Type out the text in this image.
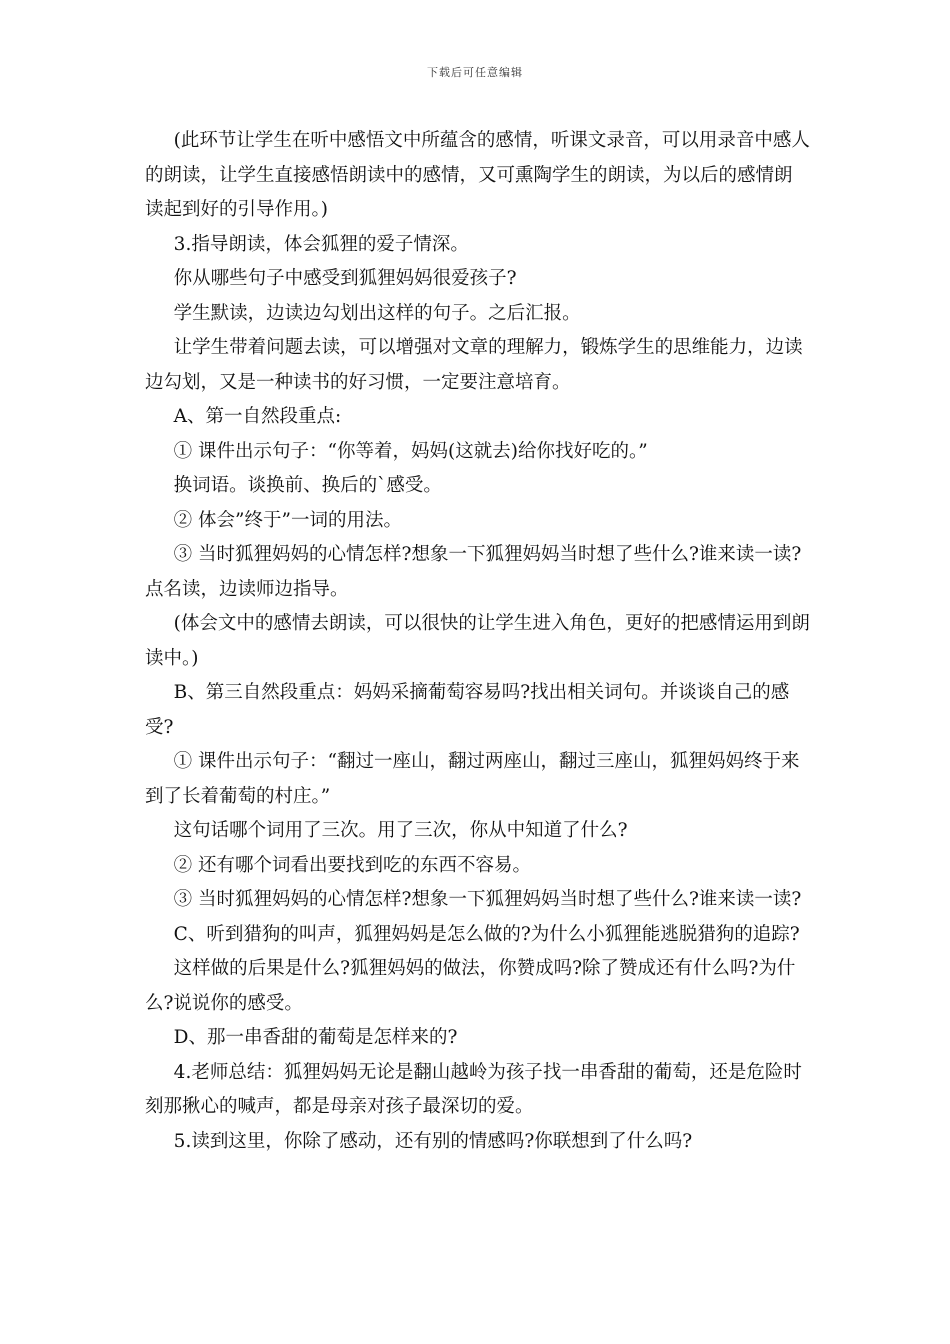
下载后可任意编辑

(此环节让学生在听中感悟文中所蕴含的感情，听课文录音，可以用录音中感人的朗读，让学生直接感悟朗读中的感情，又可熏陶学生的朗读，为以后的感情朗读起到好的引导作用。)

3.指导朗读，体会狐狸的爱子情深。

你从哪些句子中感受到狐狸妈妈很爱孩子?

学生默读，边读边勾划出这样的句子。之后汇报。

让学生带着问题去读，可以增强对文章的理解力，锻炼学生的思维能力，边读边勾划，又是一种读书的好习惯，一定要注意培育。

A、第一自然段重点:

① 课件出示句子：“你等着，妈妈(这就去)给你找好吃的。”

换词语。谈换前、换后的`感受。

② 体会”终于”一词的用法。

③ 当时狐狸妈妈的心情怎样?想象一下狐狸妈妈当时想了些什么?谁来读一读?点名读，边读师边指导。

(体会文中的感情去朗读，可以很快的让学生进入角色，更好的把感情运用到朗读中。)

B、第三自然段重点：妈妈采摘葡萄容易吗?找出相关词句。并谈谈自己的感受?

① 课件出示句子：“翻过一座山，翻过两座山，翻过三座山，狐狸妈妈终于来到了长着葡萄的村庄。”

这句话哪个词用了三次。用了三次，你从中知道了什么?

② 还有哪个词看出要找到吃的东西不容易。

③ 当时狐狸妈妈的心情怎样?想象一下狐狸妈妈当时想了些什么?谁来读一读?

C、听到猎狗的叫声，狐狸妈妈是怎么做的?为什么小狐狸能逃脱猎狗的追踪?

这样做的后果是什么?狐狸妈妈的做法，你赞成吗?除了赞成还有什么吗?为什么?说说你的感受。

D、那一串香甜的葡萄是怎样来的?

4.老师总结：狐狸妈妈无论是翻山越岭为孩子找一串香甜的葡萄，还是危险时刻那揪心的喊声，都是母亲对孩子最深切的爱。

5.读到这里，你除了感动，还有别的情感吗?你联想到了什么吗?
